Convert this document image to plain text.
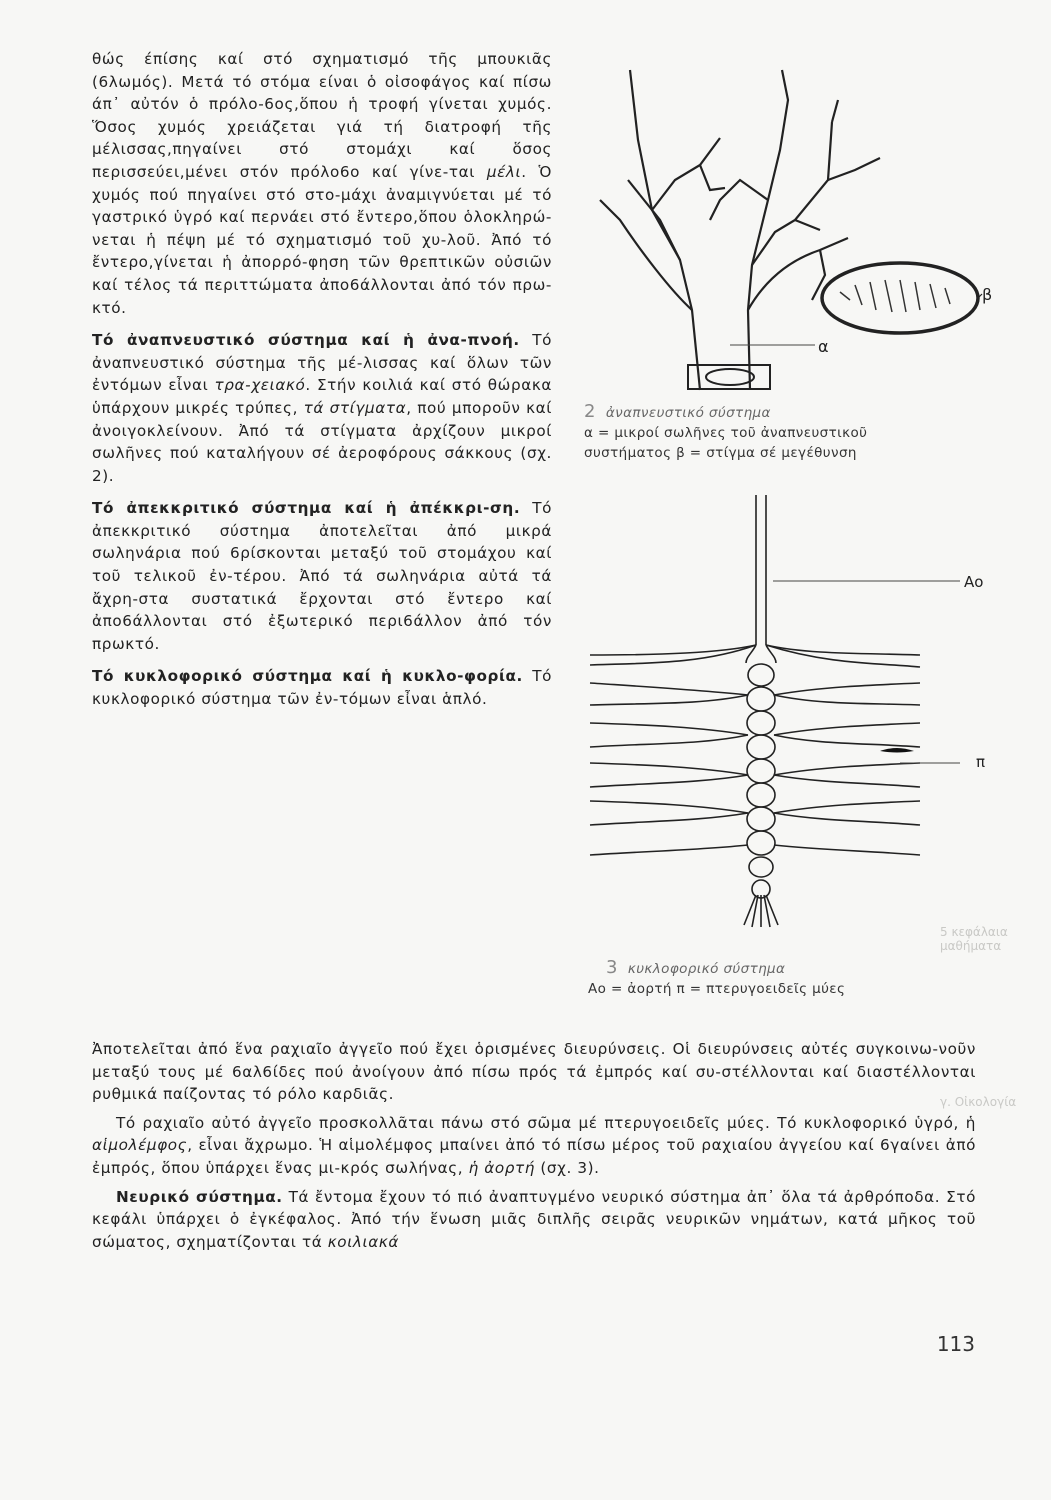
θώς έπίσης καί στό σχηματισμό τῆς μπουκιᾶς (6λωμός). Μετά τό στόμα είναι ὁ οἰσοφάγος καί πίσω άπ᾿ αὐτόν ὁ πρόλο-6ος,ὅπου ἡ τροφή γίνεται χυμός. Ὅσος χυμός χρειάζεται γιά τή διατροφή τῆς μέλισσας,πηγαίνει στό στομάχι καί ὅσος περισσεύει,μένει στόν πρόλο6ο καί γίνε-ται μέλι. Ὁ χυμός πού πηγαίνει στό στο-μάχι ἀναμιγνύεται μέ τό γαστρικό ὑγρό καί περνάει στό ἔντερο,ὅπου ὁλοκληρώ-νεται ἡ πέψη μέ τό σχηματισμό τοῦ χυ-λοῦ. Ἀπό τό ἔντερο,γίνεται ἡ ἀπορρό-φηση τῶν θρεπτικῶν οὐσιῶν καί τέλος τά περιττώματα ἀπο6άλλονται ἀπό τόν πρω-κτό.

Τό ἀναπνευστικό σύστημα καί ἡ ἀνα-πνοή. Τό ἀναπνευστικό σύστημα τῆς μέ-λισσας καί ὅλων τῶν ἐντόμων εἶναι τρα-χειακό. Στήν κοιλιά καί στό θώρακα ὑπάρχουν μικρές τρύπες, τά στίγματα, πού μποροῦν καί ἀνοιγοκλείνουν. Ἀπό τά στίγματα ἀρχίζουν μικροί σωλῆνες πού καταλήγουν σέ ἀεροφόρους σάκκους (σχ. 2).

Τό ἀπεκκριτικό σύστημα καί ἡ ἀπέκκρι-ση. Τό ἀπεκκριτικό σύστημα ἀποτελεῖται ἀπό μικρά σωληνάρια πού 6ρίσκονται μεταξύ τοῦ στομάχου καί τοῦ τελικοῦ ἐν-τέρου. Ἀπό τά σωληνάρια αὐτά τά ἄχρη-στα συστατικά ἔρχονται στό ἔντερο καί ἀπο6άλλονται στό ἐξωτερικό περι6άλλον ἀπό τόν πρωκτό.

Τό κυκλοφορικό σύστημα καί ἡ κυκλο-φορία. Τό κυκλοφορικό σύστημα τῶν ἐν-τόμων εἶναι ἁπλό.

Ἀποτελεῖται ἀπό ἕνα ραχιαῖο ἀγγεῖο πού ἔχει ὁρισμένες διευρύνσεις. Οἱ διευρύνσεις αὐτές συγκοινω-νοῦν μεταξύ τους μέ 6αλ6ίδες πού ἀνοίγουν ἀπό πίσω πρός τά ἐμπρός καί συ-στέλλονται καί διαστέλλονται ρυθμικά παίζοντας τό ρόλο καρδιᾶς.

Τό ραχιαῖο αὐτό ἀγγεῖο προσκολλᾶται πάνω στό σῶμα μέ πτερυγοειδεῖς μύες. Τό κυκλοφορικό ὑγρό, ἡ αἱμολέμφος, εἶναι ἄχρωμο. Ἡ αἱμολέμφος μπαίνει ἀπό τό πίσω μέρος τοῦ ραχιαίου ἀγγείου καί 6γαίνει ἀπό ἐμπρός, ὅπου ὑπάρχει ἕνας μι-κρός σωλήνας, ἡ ἀορτή (σχ. 3).

Νευρικό σύστημα. Τά ἔντομα ἔχουν τό πιό ἀναπτυγμένο νευρικό σύστημα ἀπ᾿ ὅλα τά ἀρθρόποδα. Στό κεφάλι ὑπάρχει ὁ ἐγκέφαλος. Ἀπό τήν ἕνωση μιᾶς διπλῆς σειρᾶς νευρικῶν νημάτων, κατά μῆκος τοῦ σώματος, σχηματίζονται τά κοιλιακά

5 κεφάλαια μαθήματα
γ. Οἰκολογία
β
α
2 ἀναπνευστικό σύστημα
α = μικροί σωλῆνες τοῦ ἀναπνευστικοῦ
συστήματος β = στίγμα σέ μεγέθυνση
Αο
π
3 κυκλοφορικό σύστημα
Αο = ἀορτή π = πτερυγοειδεῖς μύες
113
